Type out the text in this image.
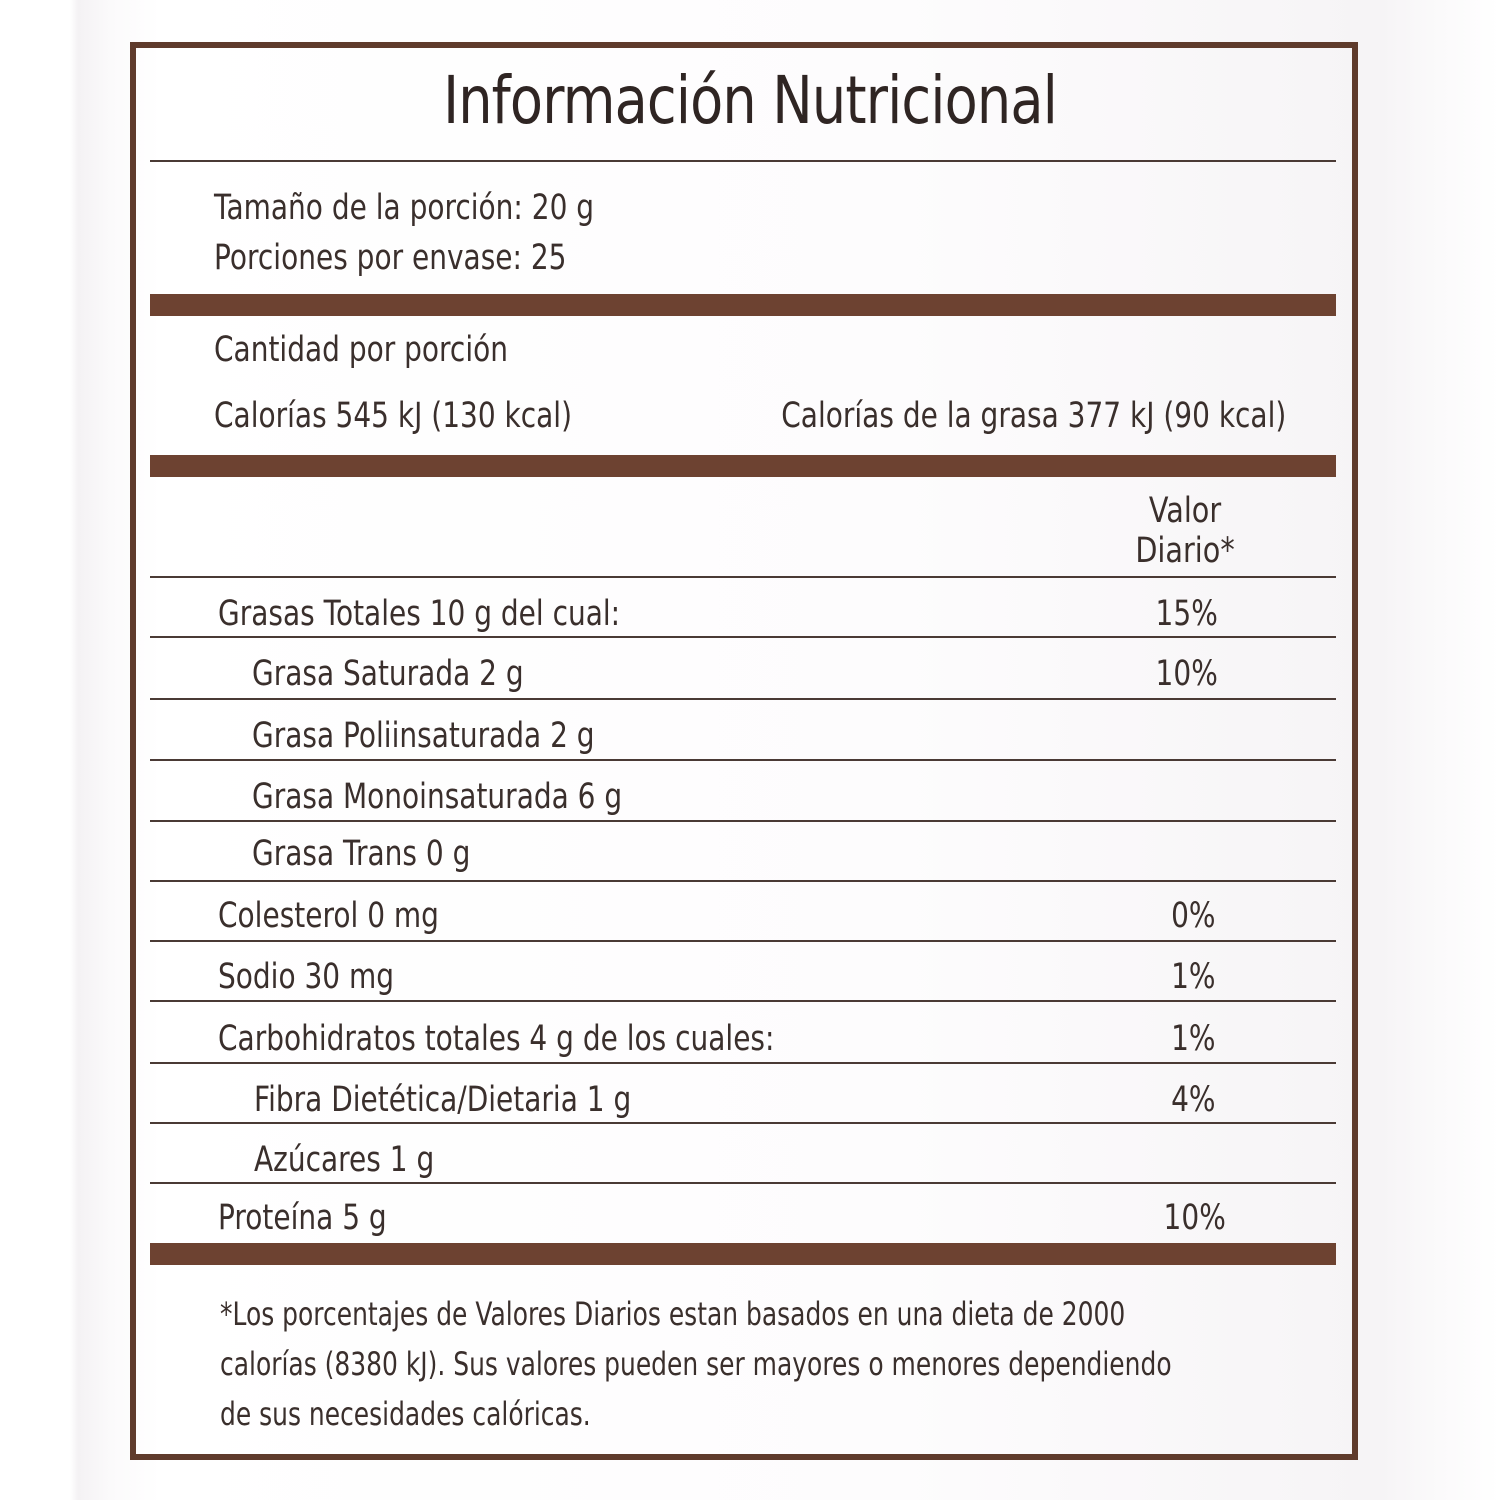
Información Nutricional
Tamaño de la porción: 20 g
Porciones por envase: 25
Cantidad por porción
Calorías 545 kJ (130 kcal)	Calorías de la grasa 377 kJ (90 kcal)
Valor
Diario*
Grasas Totales 10 g del cual:	15%
Grasa Saturada 2 g	10%
Grasa Poliinsaturada 2 g
Grasa Monoinsaturada 6 g
Grasa Trans 0 g
Colesterol 0 mg	0%
Sodio 30 mg	1%
Carbohidratos totales 4 g de los cuales:	1%
Fibra Dietética/Dietaria 1 g	4%
Azúcares 1 g
Proteína 5 g	10%
*Los porcentajes de Valores Diarios estan basados en una dieta de 2000
calorías (8380 kJ). Sus valores pueden ser mayores o menores dependiendo
de sus necesidades calóricas.
